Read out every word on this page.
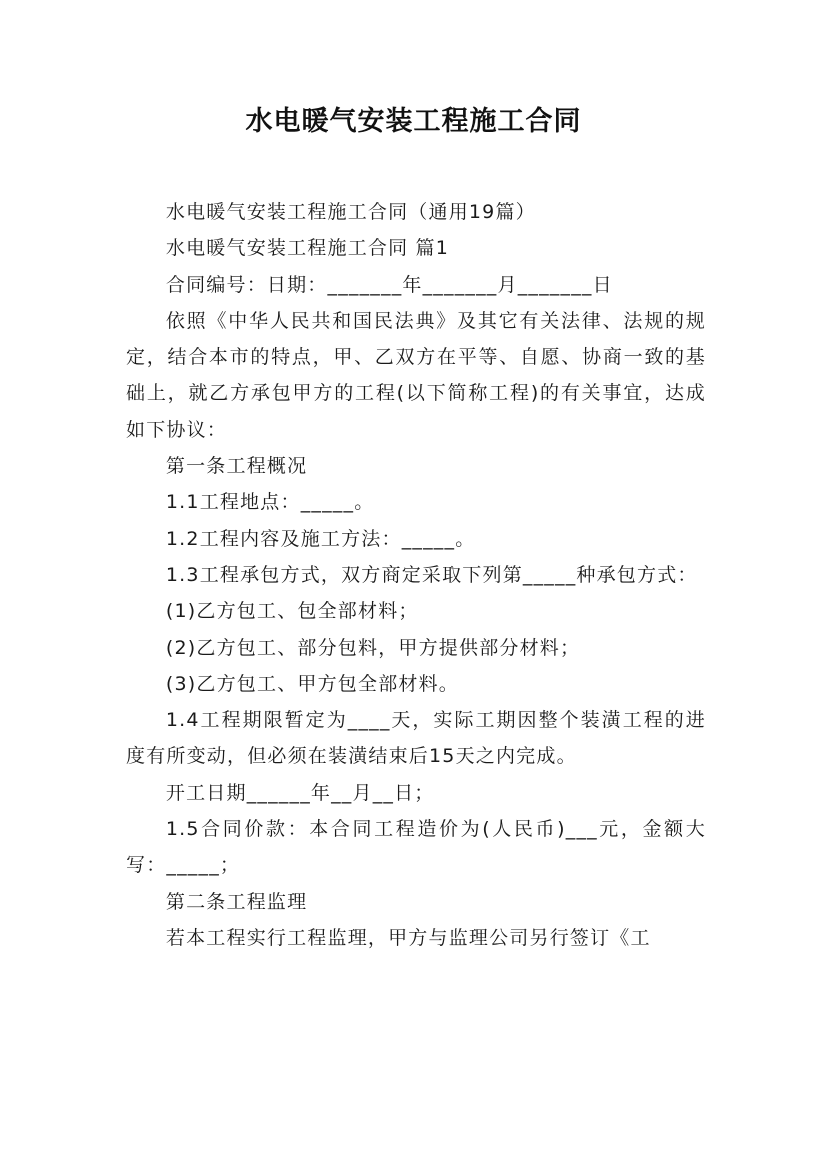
水电暖气安装工程施工合同

水电暖气安装工程施工合同（通用19篇）

水电暖气安装工程施工合同 篇1

合同编号：日期：_______年_______月_______日

依照《中华人民共和国民法典》及其它有关法律、法规的规定，结合本市的特点，甲、乙双方在平等、自愿、协商一致的基础上，就乙方承包甲方的工程(以下简称工程)的有关事宜，达成如下协议：

第一条工程概况

1.1工程地点：_____。

1.2工程内容及施工方法：_____。

1.3工程承包方式，双方商定采取下列第_____种承包方式：

(1)乙方包工、包全部材料；

(2)乙方包工、部分包料，甲方提供部分材料；

(3)乙方包工、甲方包全部材料。

1.4工程期限暂定为____天，实际工期因整个装潢工程的进度有所变动，但必须在装潢结束后15天之内完成。

开工日期______年__月__日；

1.5合同价款：本合同工程造价为(人民币)___元，金额大写：_____；

第二条工程监理

若本工程实行工程监理，甲方与监理公司另行签订《工
